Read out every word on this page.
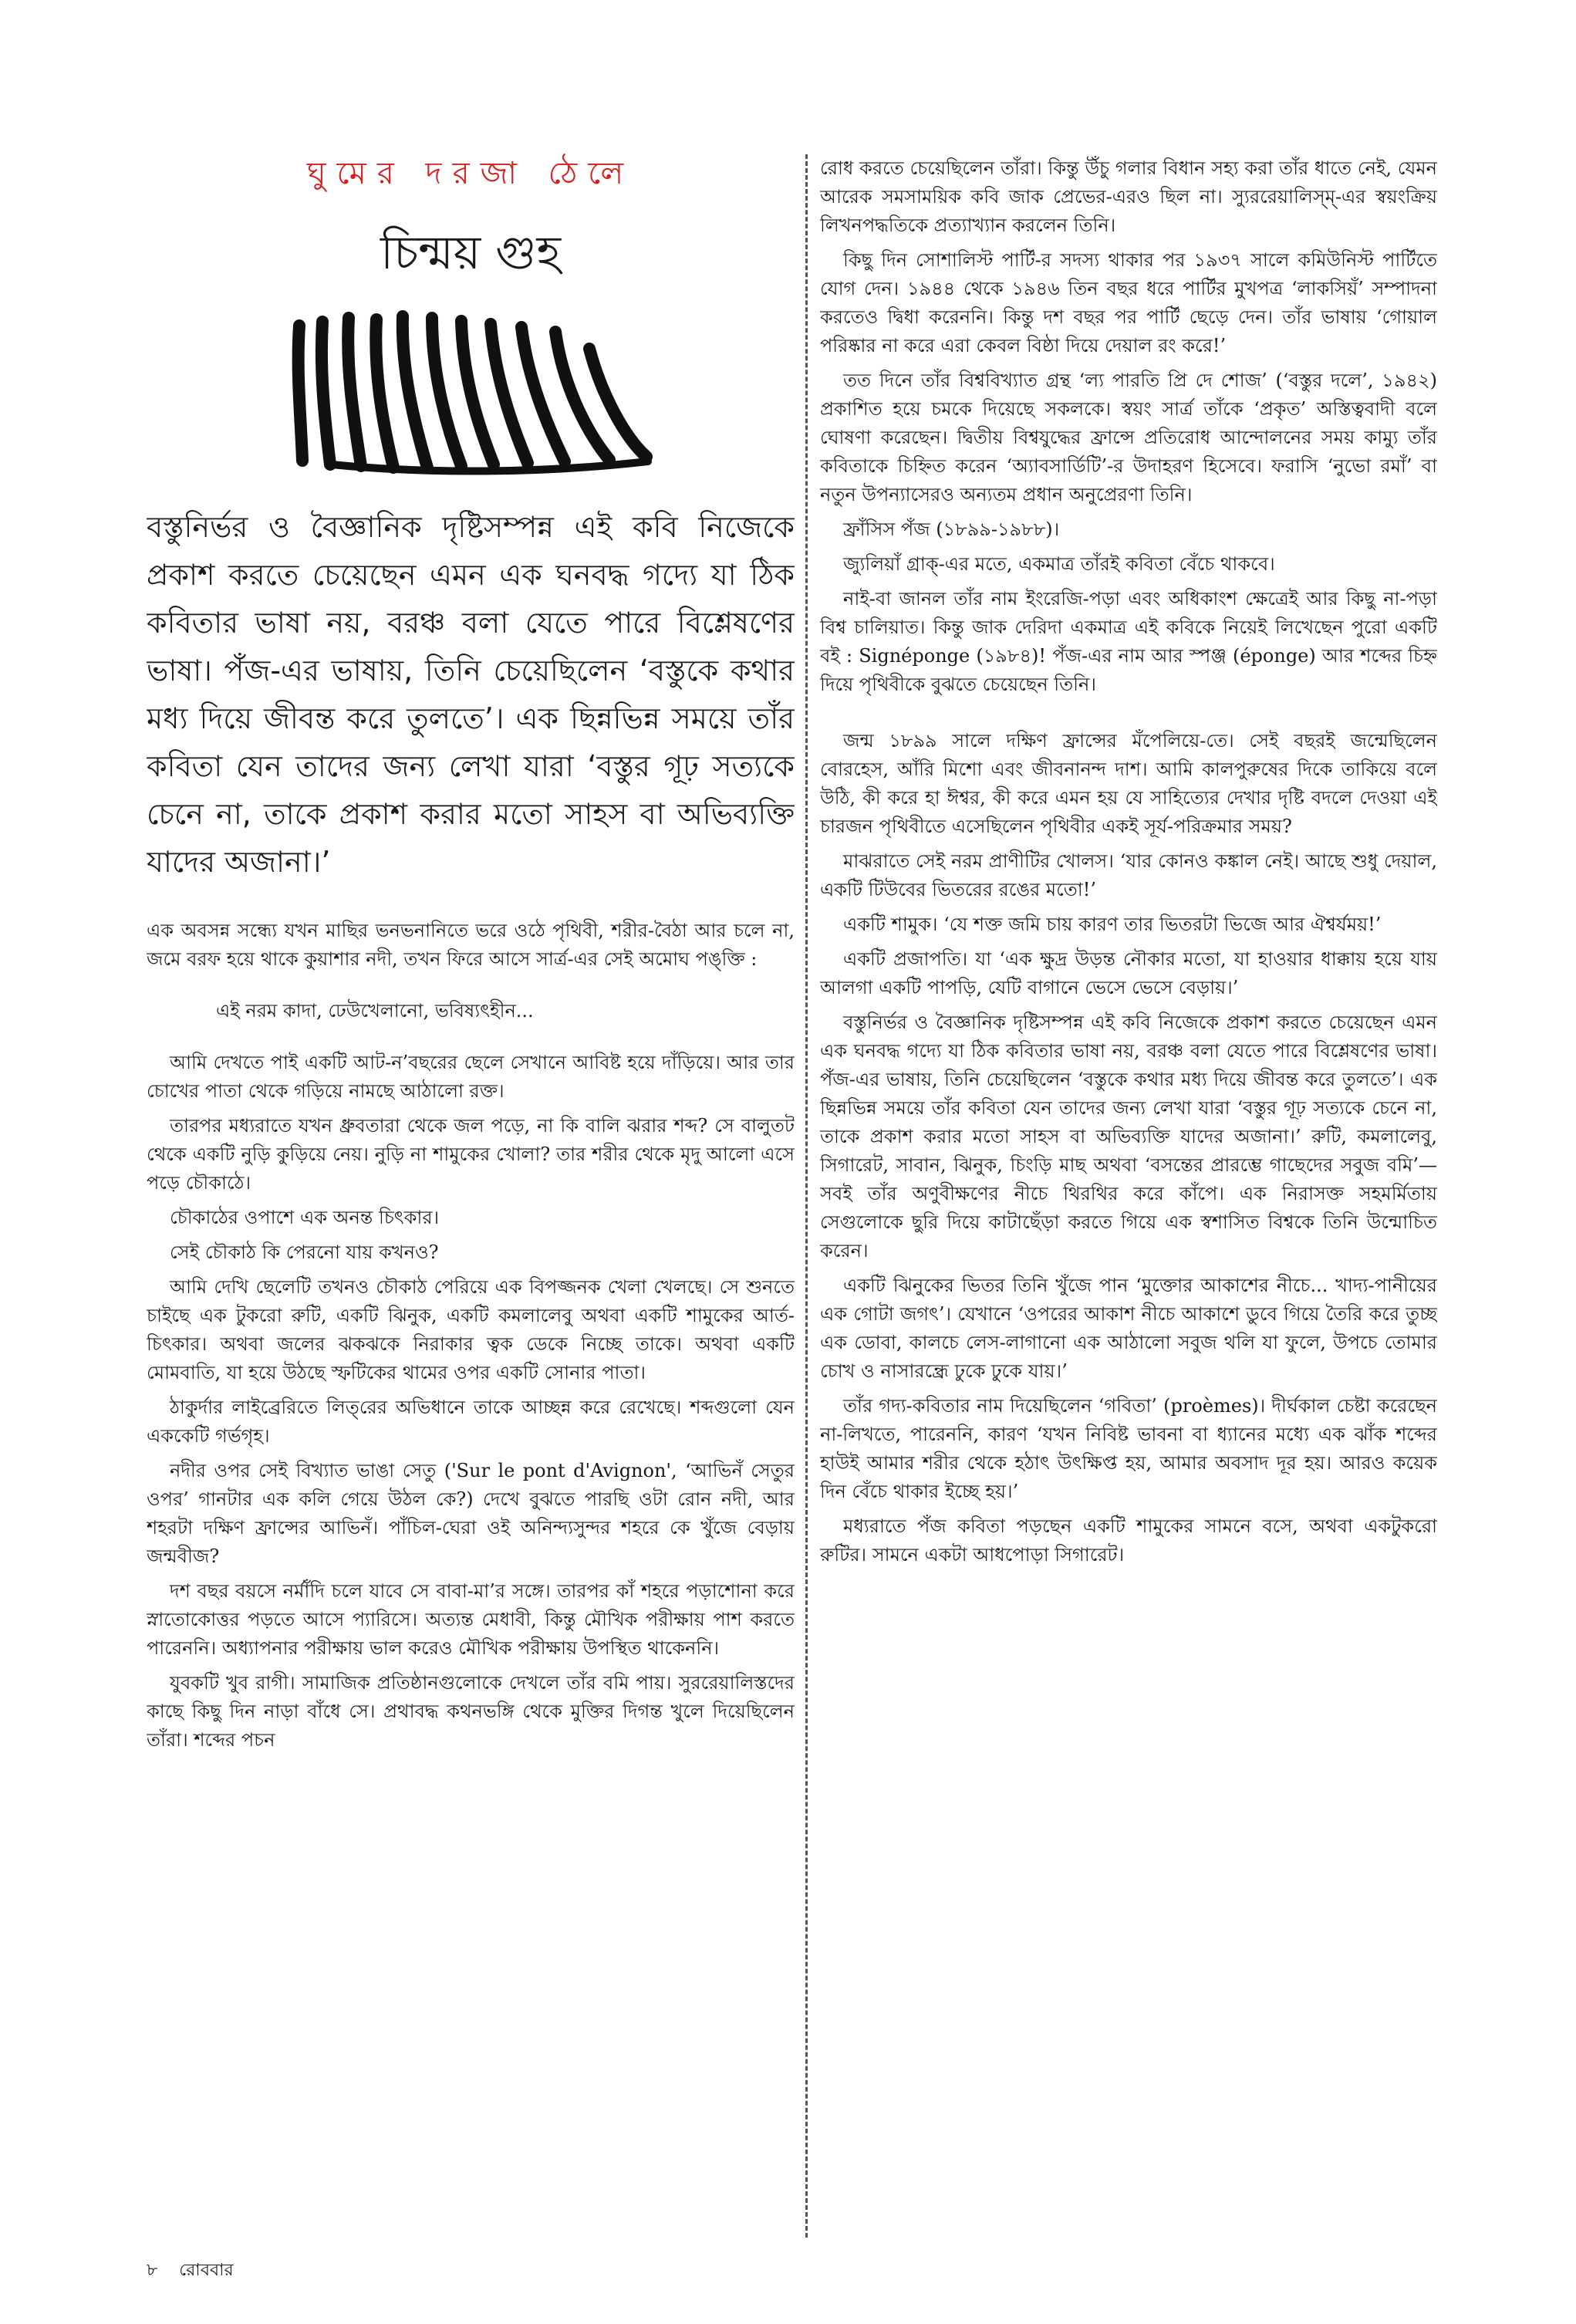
ঘুমের দরজা ঠেলে
চিন্ময় গুহ

বস্তুনির্ভর ও বৈজ্ঞানিক দৃষ্টিসম্পন্ন এই কবি নিজেকে প্রকাশ করতে চেয়েছেন এমন এক ঘনবদ্ধ গদ্যে যা ঠিক কবিতার ভাষা নয়, বরঞ্চ বলা যেতে পারে বিশ্লেষণের ভাষা। পঁজ-এর ভাষায়, তিনি চেয়েছিলেন ‘বস্তুকে কথার মধ্য দিয়ে জীবন্ত করে তুলতে’। এক ছিন্নভিন্ন সময়ে তাঁর কবিতা যেন তাদের জন্য লেখা যারা ‘বস্তুর গূঢ় সত্যকে চেনে না, তাকে প্রকাশ করার মতো সাহস বা অভিব্যক্তি যাদের অজানা।’

এক অবসন্ন সন্ধ্যে যখন মাছির ভনভনানিতে ভরে ওঠে পৃথিবী, শরীর-বৈঠা আর চলে না, জমে বরফ হয়ে থাকে কুয়াশার নদী, তখন ফিরে আসে সার্ত্র-এর সেই অমোঘ পঙ্‌ক্তি :

এই নরম কাদা, ঢেউখেলানো, ভবিষ্যৎহীন...

আমি দেখতে পাই একটি আট-ন’বছরের ছেলে সেখানে আবিষ্ট হয়ে দাঁড়িয়ে। আর তার চোখের পাতা থেকে গড়িয়ে নামছে আঠালো রক্ত।

তারপর মধ্যরাতে যখন ধ্রুবতারা থেকে জল পড়ে, না কি বালি ঝরার শব্দ? সে বালুতট থেকে একটি নুড়ি কুড়িয়ে নেয়। নুড়ি না শামুকের খোলা? তার শরীর থেকে মৃদু আলো এসে পড়ে চৌকাঠে।

চৌকাঠের ওপাশে এক অনন্ত চিৎকার।

সেই চৌকাঠ কি পেরনো যায় কখনও?

আমি দেখি ছেলেটি তখনও চৌকাঠ পেরিয়ে এক বিপজ্জনক খেলা খেলছে। সে শুনতে চাইছে এক টুকরো রুটি, একটি ঝিনুক, একটি কমলালেবু অথবা একটি শামুকের আর্ত-চিৎকার। অথবা জলের ঝকঝকে নিরাকার ত্বক ডেকে নিচ্ছে তাকে। অথবা একটি মোমবাতি, যা হয়ে উঠছে স্ফটিকের থামের ওপর একটি সোনার পাতা।

ঠাকুর্দার লাইব্রেরিতে লিত্‌রের অভিধানে তাকে আচ্ছন্ন করে রেখেছে। শব্দগুলো যেন এককেটি গর্ভগৃহ।

নদীর ওপর সেই বিখ্যাত ভাঙা সেতু ('Sur le pont d'Avignon', ‘আভিনঁ সেতুর ওপর’ গানটার এক কলি গেয়ে উঠল কে?) দেখে বুঝতে পারছি ওটা রোন নদী, আর শহরটা দক্ষিণ ফ্রান্সের আভিনঁ। পাঁচিল-ঘেরা ওই অনিন্দ্যসুন্দর শহরে কে খুঁজে বেড়ায় জন্মবীজ?

দশ বছর বয়সে নর্মাঁদি চলে যাবে সে বাবা-মা’র সঙ্গে। তারপর কাঁ শহরে পড়াশোনা করে স্নাতোকোত্তর পড়তে আসে প্যারিসে। অত্যন্ত মেধাবী, কিন্তু মৌখিক পরীক্ষায় পাশ করতে পারেননি। অধ্যাপনার পরীক্ষায় ভাল করেও মৌখিক পরীক্ষায় উপস্থিত থাকেননি।

যুবকটি খুব রাগী। সামাজিক প্রতিষ্ঠানগুলোকে দেখলে তাঁর বমি পায়। সুররেয়ালিস্তদের কাছে কিছু দিন নাড়া বাঁধে সে। প্রথাবদ্ধ কথনভঙ্গি থেকে মুক্তির দিগন্ত খুলে দিয়েছিলেন তাঁরা। শব্দের পচন

রোধ করতে চেয়েছিলেন তাঁরা। কিন্তু উঁচু গলার বিধান সহ্য করা তাঁর ধাতে নেই, যেমন আরেক সমসাময়িক কবি জাক প্রেভের-এরও ছিল না। স্যুররেয়ালিস্‌ম্‌-এর স্বয়ংক্রিয় লিখনপদ্ধতিকে প্রত্যাখ্যান করলেন তিনি।

কিছু দিন সোশালিস্ট পার্টি-র সদস্য থাকার পর ১৯৩৭ সালে কমিউনিস্ট পার্টিতে যোগ দেন। ১৯৪৪ থেকে ১৯৪৬ তিন বছর ধরে পার্টির মুখপত্র ‘লাকসিয়ঁ’ সম্পাদনা করতেও দ্বিধা করেননি। কিন্তু দশ বছর পর পার্টি ছেড়ে দেন। তাঁর ভাষায় ‘গোয়াল পরিষ্কার না করে এরা কেবল বিষ্ঠা দিয়ে দেয়াল রং করে!’

তত দিনে তাঁর বিশ্ববিখ্যাত গ্রন্থ ‘ল্য পারতি প্রি দে শোজ’ (‘বস্তুর দলে’, ১৯৪২) প্রকাশিত হয়ে চমকে দিয়েছে সকলকে। স্বয়ং সার্ত্র তাঁকে ‘প্রকৃত’ অস্তিত্ববাদী বলে ঘোষণা করেছেন। দ্বিতীয় বিশ্বযুদ্ধের ফ্রান্সে প্রতিরোধ আন্দোলনের সময় কাম্যু তাঁর কবিতাকে চিহ্নিত করেন ‘অ্যাবসার্ডিটি’-র উদাহরণ হিসেবে। ফরাসি ‘নুভো রমাঁ’ বা নতুন উপন্যাসেরও অন্যতম প্রধান অনুপ্রেরণা তিনি।

ফ্রাঁসিস পঁজ (১৮৯৯-১৯৮৮)।

জ্যুলিয়াঁ গ্রাক্‌-এর মতে, একমাত্র তাঁরই কবিতা বেঁচে থাকবে।

নাই-বা জানল তাঁর নাম ইংরেজি-পড়া এবং অধিকাংশ ক্ষেত্রেই আর কিছু না-পড়া বিশ্ব চালিয়াত। কিন্তু জাক দেরিদা একমাত্র এই কবিকে নিয়েই লিখেছেন পুরো একটি বই : Signéponge (১৯৮৪)! পঁজ-এর নাম আর স্পঞ্জ (éponge) আর শব্দের চিহ্ন দিয়ে পৃথিবীকে বুঝতে চেয়েছেন তিনি।

জন্ম ১৮৯৯ সালে দক্ষিণ ফ্রান্সের মঁপেলিয়ে-তে। সেই বছরই জন্মেছিলেন বোরহেস, আঁরি মিশো এবং জীবনানন্দ দাশ। আমি কালপুরুষের দিকে তাকিয়ে বলে উঠি, কী করে হা ঈশ্বর, কী করে এমন হয় যে সাহিত্যের দেখার দৃষ্টি বদলে দেওয়া এই চারজন পৃথিবীতে এসেছিলেন পৃথিবীর একই সূর্য-পরিক্রমার সময়?

মাঝরাতে সেই নরম প্রাণীটির খোলস। ‘যার কোনও কঙ্কাল নেই। আছে শুধু দেয়াল, একটি টিউবের ভিতরের রঙের মতো!’

একটি শামুক। ‘যে শক্ত জমি চায় কারণ তার ভিতরটা ভিজে আর ঐশ্বর্যময়!’

একটি প্রজাপতি। যা ‘এক ক্ষুদ্র উড়ন্ত নৌকার মতো, যা হাওয়ার ধাক্কায় হয়ে যায় আলগা একটি পাপড়ি, যেটি বাগানে ভেসে ভেসে বেড়ায়।’

বস্তুনির্ভর ও বৈজ্ঞানিক দৃষ্টিসম্পন্ন এই কবি নিজেকে প্রকাশ করতে চেয়েছেন এমন এক ঘনবদ্ধ গদ্যে যা ঠিক কবিতার ভাষা নয়, বরঞ্চ বলা যেতে পারে বিশ্লেষণের ভাষা। পঁজ-এর ভাষায়, তিনি চেয়েছিলেন ‘বস্তুকে কথার মধ্য দিয়ে জীবন্ত করে তুলতে’। এক ছিন্নভিন্ন সময়ে তাঁর কবিতা যেন তাদের জন্য লেখা যারা ‘বস্তুর গূঢ় সত্যকে চেনে না, তাকে প্রকাশ করার মতো সাহস বা অভিব্যক্তি যাদের অজানা।’ রুটি, কমলালেবু, সিগারেট, সাবান, ঝিনুক, চিংড়ি মাছ অথবা ‘বসন্তের প্রারম্ভে গাছেদের সবুজ বমি’—সবই তাঁর অণুবীক্ষণের নীচে থিরথির করে কাঁপে। এক নিরাসক্ত সহমর্মিতায় সেগুলোকে ছুরি দিয়ে কাটাছেঁড়া করতে গিয়ে এক স্বশাসিত বিশ্বকে তিনি উন্মোচিত করেন।

একটি ঝিনুকের ভিতর তিনি খুঁজে পান ‘মুক্তোর আকাশের নীচে... খাদ্য-পানীয়ের এক গোটা জগৎ’। যেখানে ‘ওপরের আকাশ নীচে আকাশে ডুবে গিয়ে তৈরি করে তুচ্ছ এক ডোবা, কালচে লেস-লাগানো এক আঠালো সবুজ থলি যা ফুলে, উপচে তোমার চোখ ও নাসারন্ধ্রে ঢুকে ঢুকে যায়।’

তাঁর গদ্য-কবিতার নাম দিয়েছিলেন ‘গবিতা’ (proèmes)। দীর্ঘকাল চেষ্টা করেছেন না-লিখতে, পারেননি, কারণ ‘যখন নিবিষ্ট ভাবনা বা ধ্যানের মধ্যে এক ঝাঁক শব্দের হাউই আমার শরীর থেকে হঠাৎ উৎক্ষিপ্ত হয়, আমার অবসাদ দূর হয়। আরও কয়েক দিন বেঁচে থাকার ইচ্ছে হয়।’

মধ্যরাতে পঁজ কবিতা পড়ছেন একটি শামুকের সামনে বসে, অথবা একটুকরো রুটির। সামনে একটা আধপোড়া সিগারেট।

৮ রোববার
